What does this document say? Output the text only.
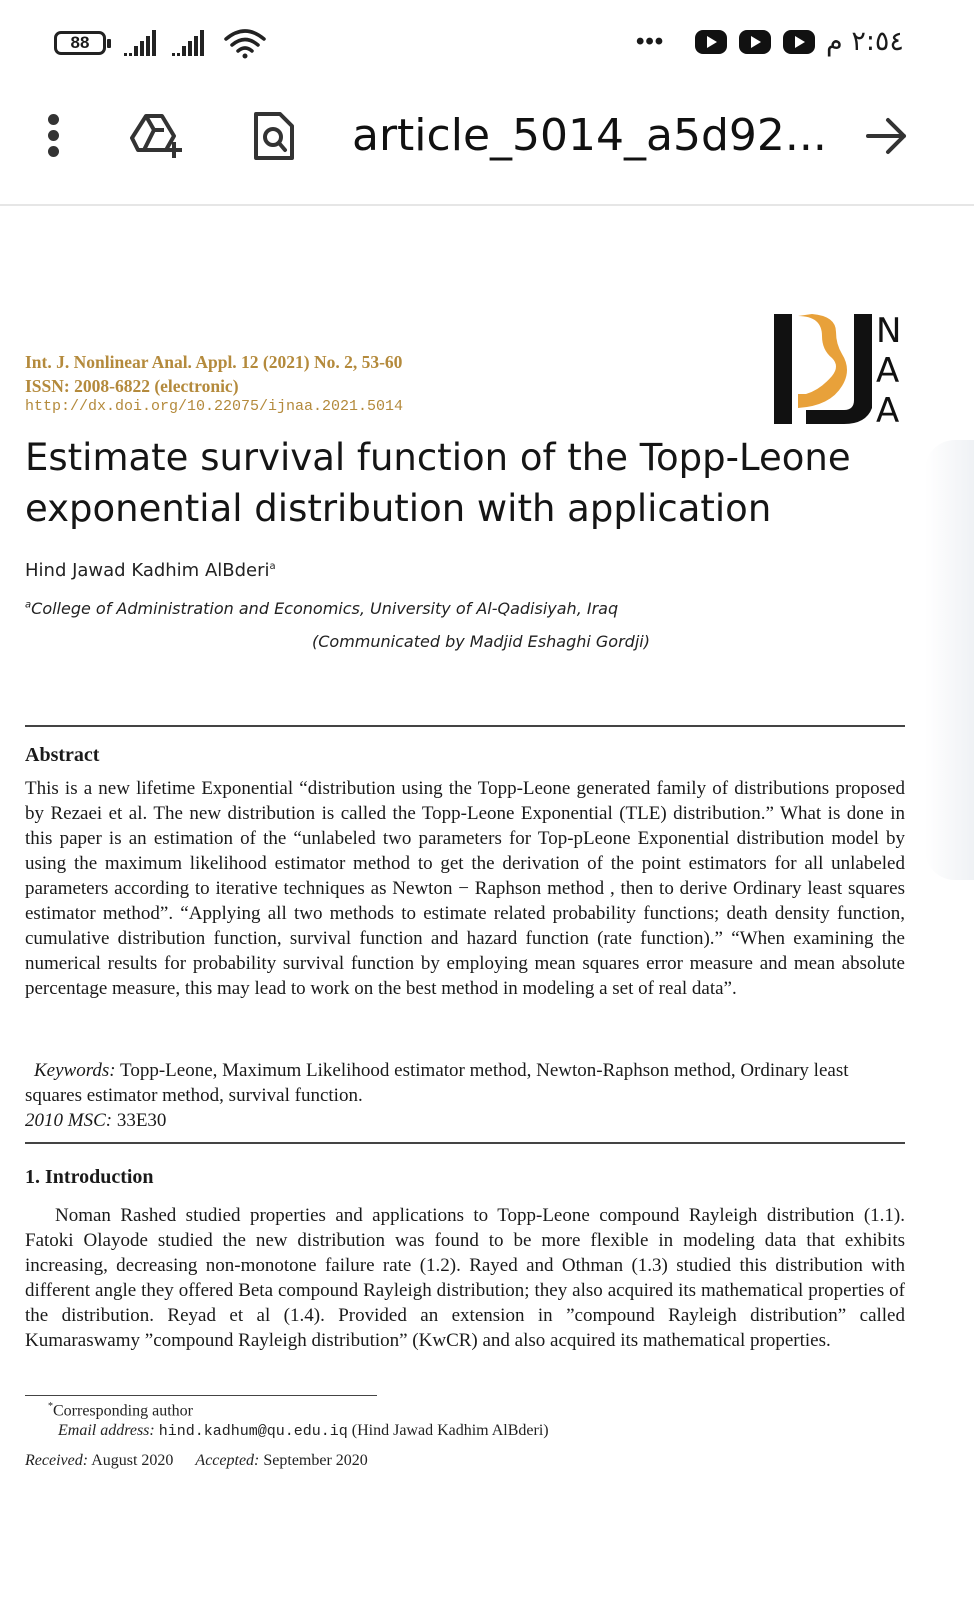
88	•••	٢:٥٤ م
article_5014_a5d92...
Int. J. Nonlinear Anal. Appl. 12 (2021) No. 2, 53-60
ISSN: 2008-6822 (electronic)
http://dx.doi.org/10.22075/ijnaa.2021.5014
N
A
A
Estimate survival function of the Topp-Leone
exponential distribution with application
Hind Jawad Kadhim AlBderi$^a$
$^a$College of Administration and Economics, University of Al-Qadisiyah, Iraq
(Communicated by Madjid Eshaghi Gordji)
Abstract
This is a new lifetime Exponential “distribution using the Topp-Leone generated family of distributions proposed by Rezaei et al. The new distribution is called the Topp-Leone Exponential (TLE) distribution.” What is done in this paper is an estimation of the “unlabeled two parameters for Top-pLeone Exponential distribution model by using the maximum likelihood estimator method to get the derivation of the point estimators for all unlabeled parameters according to iterative techniques as Newton − Raphson method , then to derive Ordinary least squares estimator method”. “Applying all two methods to estimate related probability functions; death density function, cumulative distribution function, survival function and hazard function (rate function).” “When examining the numerical results for probability survival function by employing mean squares error measure and mean absolute percentage measure, this may lead to work on the best method in modeling a set of real data”.
Keywords: Topp-Leone, Maximum Likelihood estimator method, Newton-Raphson method, Ordinary least squares estimator method, survival function.
2010 MSC: 33E30
1. Introduction
Noman Rashed studied properties and applications to Topp-Leone compound Rayleigh distribution (1.1). Fatoki Olayode studied the new distribution was found to be more flexible in modeling data that exhibits increasing, decreasing non-monotone failure rate (1.2). Rayed and Othman (1.3) studied this distribution with different angle they offered Beta compound Rayleigh distribution; they also acquired its mathematical properties of the distribution. Reyad et al (1.4). Provided an extension in ”compound Rayleigh distribution” called Kumaraswamy ”compound Rayleigh distribution” (KwCR) and also acquired its mathematical properties.
*Corresponding author
Email address: hind.kadhum@qu.edu.iq (Hind Jawad Kadhim AlBderi)
Received: August 2020 Accepted: September 2020
